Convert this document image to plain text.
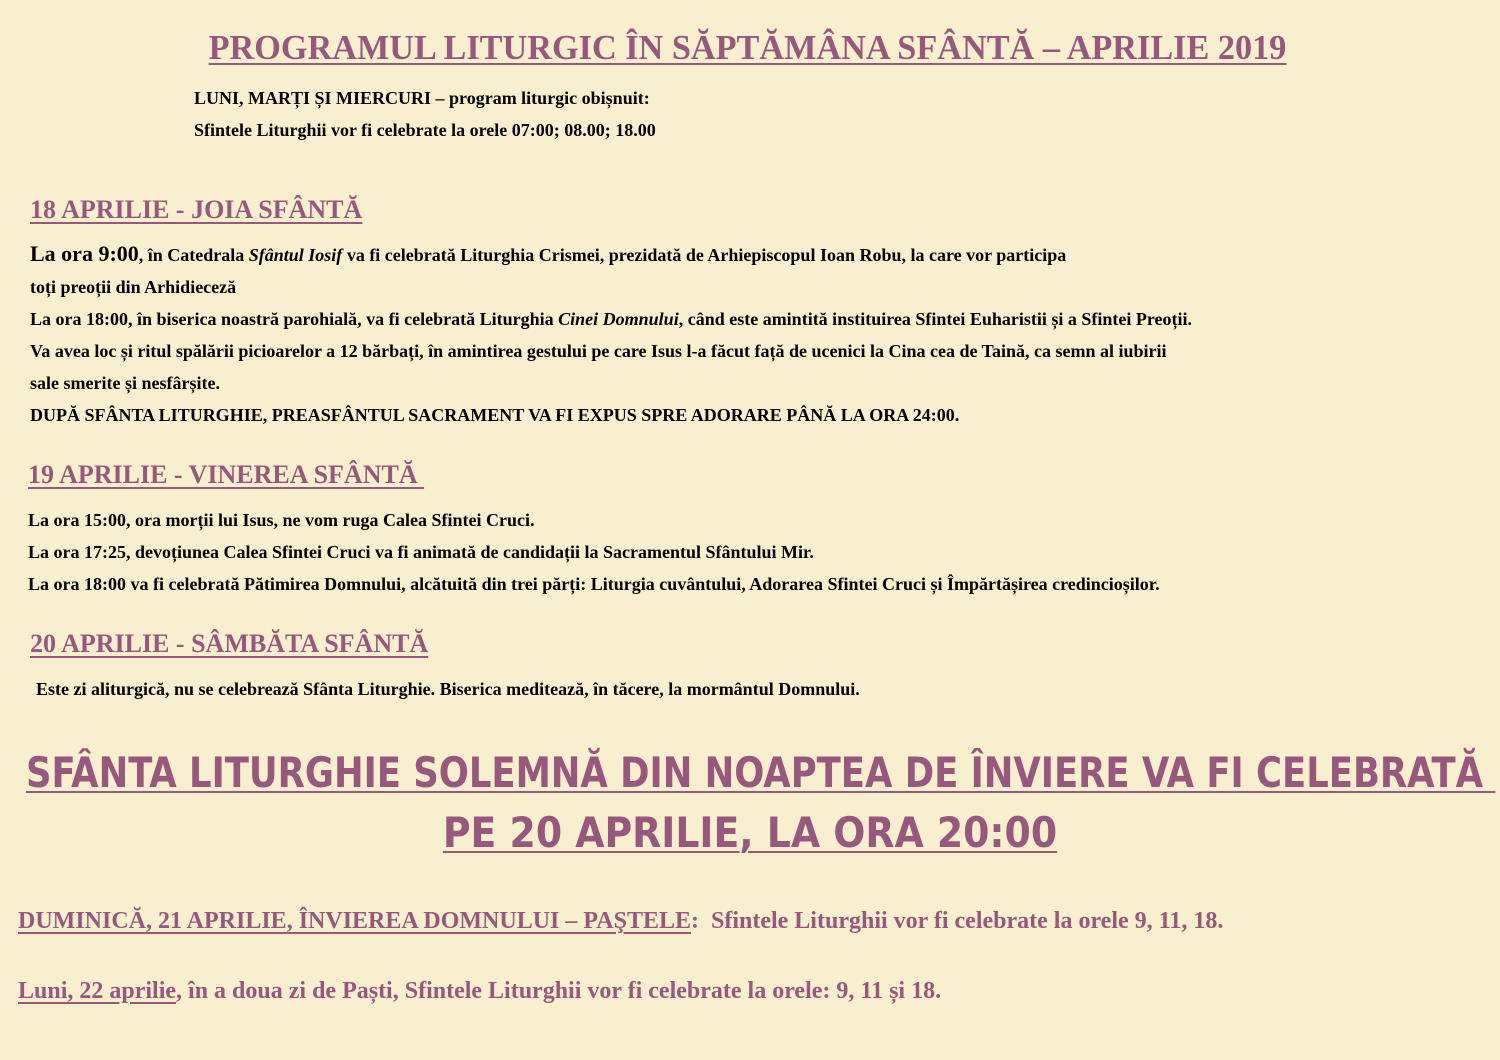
PROGRAMUL LITURGIC ÎN SĂPTĂMÂNA SFÂNTĂ – APRILIE 2019
LUNI, MARȚI ȘI MIERCURI – program liturgic obișnuit:
Sfintele Liturghii vor fi celebrate la orele 07:00; 08.00; 18.00
18 APRILIE - JOIA SFÂNTĂ
La ora 9:00, în Catedrala Sfântul Iosif va fi celebrată Liturghia Crismei, prezidată de Arhiepiscopul Ioan Robu, la care vor participa
toți preoții din Arhidieceză
La ora 18:00, în biserica noastră parohială, va fi celebrată Liturghia Cinei Domnului, când este amintită instituirea Sfintei Euharistii și a Sfintei Preoții.
Va avea loc și ritul spălării picioarelor a 12 bărbați, în amintirea gestului pe care Isus l-a făcut față de ucenici la Cina cea de Taină, ca semn al iubirii
sale smerite și nesfârșite.
DUPĂ SFÂNTA LITURGHIE, PREASFÂNTUL SACRAMENT VA FI EXPUS SPRE ADORARE PÂNĂ LA ORA 24:00.
19 APRILIE - VINEREA SFÂNTĂ
La ora 15:00, ora morții lui Isus, ne vom ruga Calea Sfintei Cruci.
La ora 17:25, devoțiunea Calea Sfintei Cruci va fi animată de candidații la Sacramentul Sfântului Mir.
La ora 18:00 va fi celebrată Pătimirea Domnului, alcătuită din trei părți: Liturgia cuvântului, Adorarea Sfintei Cruci și Împărtășirea credincioșilor.
20 APRILIE - SÂMBĂTA SFÂNTĂ
Este zi aliturgică, nu se celebrează Sfânta Liturghie. Biserica meditează, în tăcere, la mormântul Domnului.
SFÂNTA LITURGHIE SOLEMNĂ DIN NOAPTEA DE ÎNVIERE VA FI CELEBRATĂ
PE 20 APRILIE, LA ORA 20:00
DUMINICĂ, 21 APRILIE, ÎNVIEREA DOMNULUI – PAŞTELE:  Sfintele Liturghii vor fi celebrate la orele 9, 11, 18.
Luni, 22 aprilie, în a doua zi de Paști, Sfintele Liturghii vor fi celebrate la orele: 9, 11 și 18.
